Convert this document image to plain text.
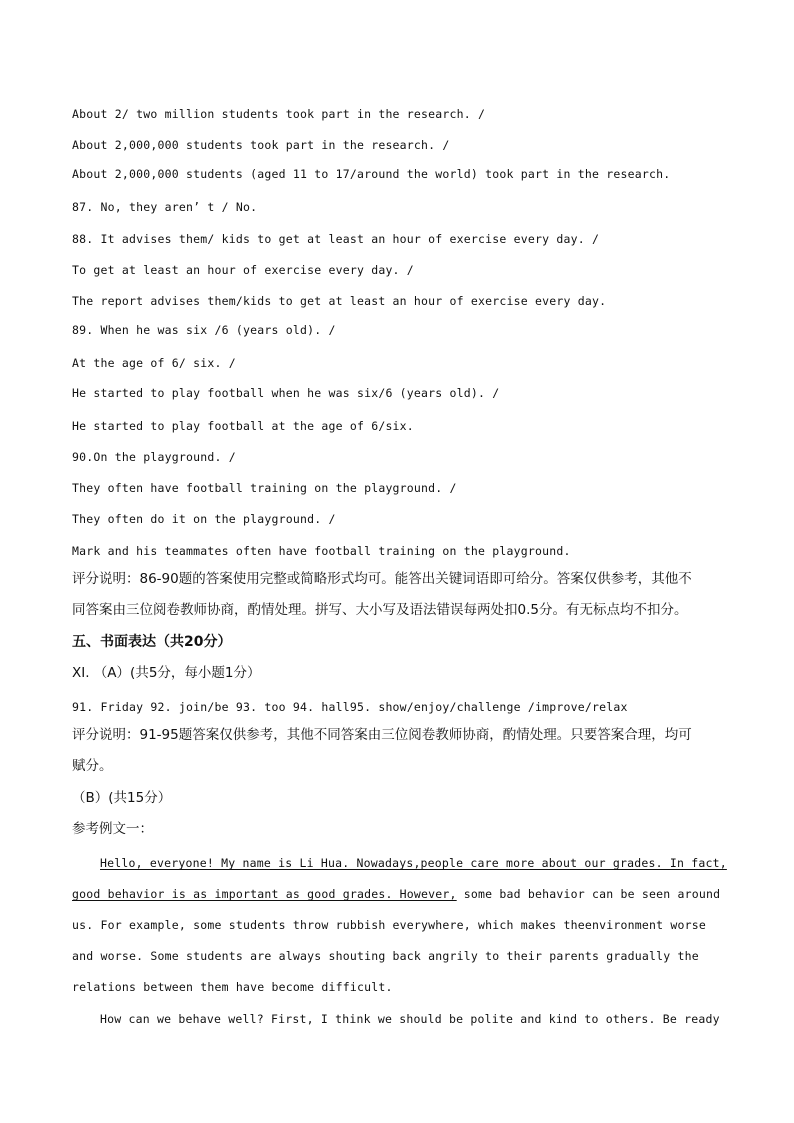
About 2/ two million students took part in the research. /
About 2,000,000 students took part in the research. /
About 2,000,000 students (aged 11 to 17/around the world) took part in the research.
87. No, they aren’ t / No.
88. It advises them/ kids to get at least an hour of exercise every day. /
To get at least an hour of exercise every day. /
The report advises them/kids to get at least an hour of exercise every day.
89. When he was six /6 (years old). /
At the age of 6/ six. /
He started to play football when he was six/6 (years old). /
He started to play football at the age of 6/six.
90.On the playground. /
They often have football training on the playground. /
They often do it on the playground. /
Mark and his teammates often have football training on the playground.
评分说明：86-90题的答案使用完整或简略形式均可。能答出关键词语即可给分。答案仅供参考，其他不
同答案由三位阅卷教师协商，酌情处理。拼写、大小写及语法错误每两处扣0.5分。有无标点均不扣分。
五、书面表达（共20分）
XI. （A）(共5分，每小题1分）
91. Friday 92. join/be 93. too 94. hall95. show/enjoy/challenge /improve/relax
评分说明：91-95题答案仅供参考，其他不同答案由三位阅卷教师协商，酌情处理。只要答案合理，均可
赋分。
（B）(共15分）
参考例文一：
Hello, everyone! My name is Li Hua. Nowadays,people care more about our grades. In fact,
good behavior is as important as good grades. However, some bad behavior can be seen around
us. For example, some students throw rubbish everywhere, which makes theenvironment worse
and worse. Some students are always shouting back angrily to their parents gradually the
relations between them have become difficult.
How can we behave well? First, I think we should be polite and kind to others. Be ready
